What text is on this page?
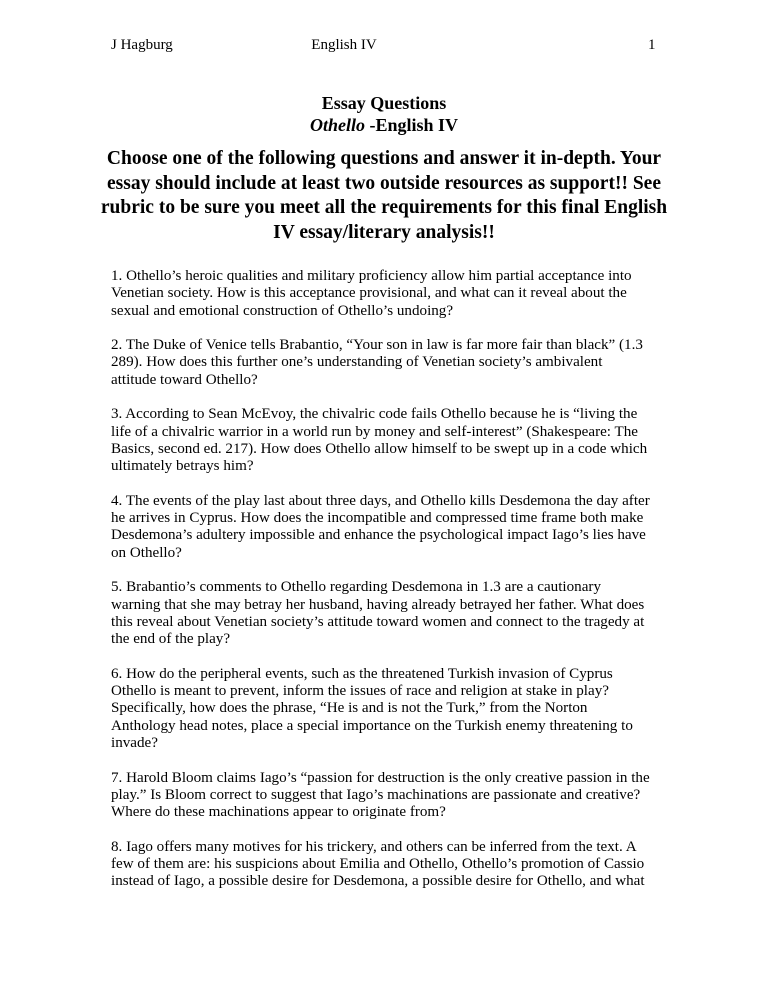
J Hagburg	English IV	1
Essay Questions
Othello -English IV
Choose one of the following questions and answer it in-depth. Your essay should include at least two outside resources as support!! See rubric to be sure you meet all the requirements for this final English IV essay/literary analysis!!
1. Othello’s heroic qualities and military proficiency allow him partial acceptance into
Venetian society. How is this acceptance provisional, and what can it reveal about the
sexual and emotional construction of Othello’s undoing?
2. The Duke of Venice tells Brabantio, “Your son in law is far more fair than black” (1.3
289). How does this further one’s understanding of Venetian society’s ambivalent
attitude toward Othello?
3. According to Sean McEvoy, the chivalric code fails Othello because he is “living the
life of a chivalric warrior in a world run by money and self-interest” (Shakespeare: The
Basics, second ed. 217). How does Othello allow himself to be swept up in a code which
ultimately betrays him?
4. The events of the play last about three days, and Othello kills Desdemona the day after
he arrives in Cyprus. How does the incompatible and compressed time frame both make
Desdemona’s adultery impossible and enhance the psychological impact Iago’s lies have
on Othello?
5. Brabantio’s comments to Othello regarding Desdemona in 1.3 are a cautionary
warning that she may betray her husband, having already betrayed her father. What does
this reveal about Venetian society’s attitude toward women and connect to the tragedy at
the end of the play?
6. How do the peripheral events, such as the threatened Turkish invasion of Cyprus
Othello is meant to prevent, inform the issues of race and religion at stake in play?
Specifically, how does the phrase, “He is and is not the Turk,” from the Norton
Anthology head notes, place a special importance on the Turkish enemy threatening to
invade?
7. Harold Bloom claims Iago’s “passion for destruction is the only creative passion in the
play.” Is Bloom correct to suggest that Iago’s machinations are passionate and creative?
Where do these machinations appear to originate from?
8. Iago offers many motives for his trickery, and others can be inferred from the text. A
few of them are: his suspicions about Emilia and Othello, Othello’s promotion of Cassio
instead of Iago, a possible desire for Desdemona, a possible desire for Othello, and what
